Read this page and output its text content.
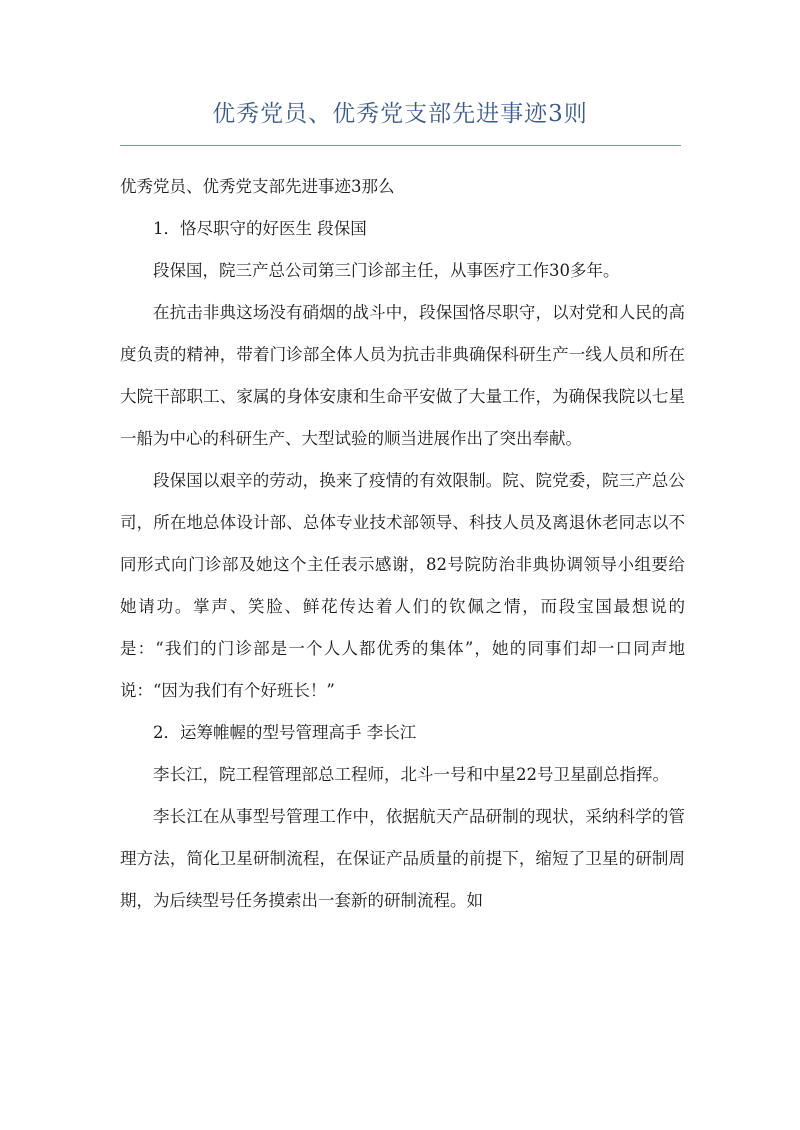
优秀党员、优秀党支部先进事迹3则

优秀党员、优秀党支部先进事迹3那么

1．恪尽职守的好医生 段保国

段保国，院三产总公司第三门诊部主任，从事医疗工作30多年。

在抗击非典这场没有硝烟的战斗中，段保国恪尽职守，以对党和人民的高度负责的精神，带着门诊部全体人员为抗击非典确保科研生产一线人员和所在大院干部职工、家属的身体安康和生命平安做了大量工作，为确保我院以七星一船为中心的科研生产、大型试验的顺当进展作出了突出奉献。

段保国以艰辛的劳动，换来了疫情的有效限制。院、院党委，院三产总公司，所在地总体设计部、总体专业技术部领导、科技人员及离退休老同志以不同形式向门诊部及她这个主任表示感谢，82号院防治非典协调领导小组要给她请功。掌声、笑脸、鲜花传达着人们的钦佩之情，而段宝国最想说的是：“我们的门诊部是一个人人都优秀的集体”，她的同事们却一口同声地说：“因为我们有个好班长！”

2．运筹帷幄的型号管理高手 李长江

李长江，院工程管理部总工程师，北斗一号和中星22号卫星副总指挥。

李长江在从事型号管理工作中，依据航天产品研制的现状，采纳科学的管理方法，简化卫星研制流程，在保证产品质量的前提下，缩短了卫星的研制周期，为后续型号任务摸索出一套新的研制流程。如
